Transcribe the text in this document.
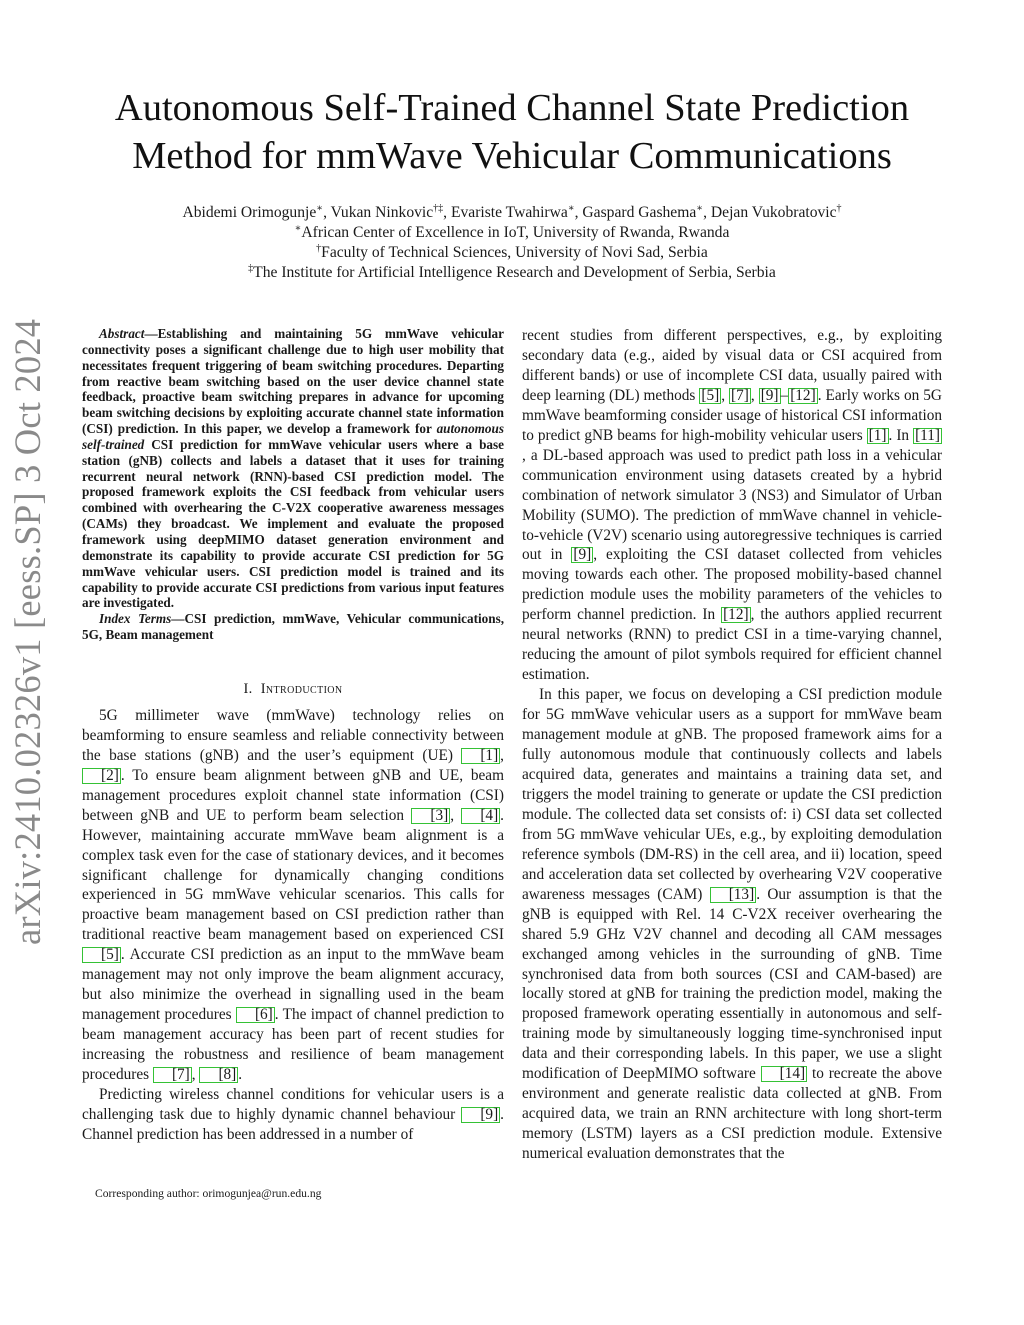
arXiv:2410.02326v1 [eess.SP] 3 Oct 2024
Autonomous Self-Trained Channel State Prediction
Method for mmWave Vehicular Communications
Abidemi Orimogunje∗, Vukan Ninkovic†‡, Evariste Twahirwa∗, Gaspard Gashema∗, Dejan Vukobratovic†
∗African Center of Excellence in IoT, University of Rwanda, Rwanda
†Faculty of Technical Sciences, University of Novi Sad, Serbia
‡The Institute for Artificial Intelligence Research and Development of Serbia, Serbia

Abstract—Establishing and maintaining 5G mmWave vehicular connectivity poses a significant challenge due to high user mobility that necessitates frequent triggering of beam switching procedures. Departing from reactive beam switching based on the user device channel state feedback, proactive beam switching prepares in advance for upcoming beam switching decisions by exploiting accurate channel state information (CSI) prediction. In this paper, we develop a framework for autonomous self-trained CSI prediction for mmWave vehicular users where a base station (gNB) collects and labels a dataset that it uses for training recurrent neural network (RNN)-based CSI prediction model. The proposed framework exploits the CSI feedback from vehicular users combined with overhearing the C-V2X cooperative awareness messages (CAMs) they broadcast. We implement and evaluate the proposed framework using deepMIMO dataset generation environment and demonstrate its capability to provide accurate CSI prediction for 5G mmWave vehicular users. CSI prediction model is trained and its capability to provide accurate CSI predictions from various input features are investigated.

Index Terms—CSI prediction, mmWave, Vehicular communications, 5G, Beam management

I. Introduction

5G millimeter wave (mmWave) technology relies on beamforming to ensure seamless and reliable connectivity between the base stations (gNB) and the user’s equipment (UE) [1] , [2] . To ensure beam alignment between gNB and UE, beam management procedures exploit channel state information (CSI) between gNB and UE to perform beam selection [3] , [4] . However, maintaining accurate mmWave beam alignment is a complex task even for the case of stationary devices, and it becomes significant challenge for dynamically changing conditions experienced in 5G mmWave vehicular scenarios. This calls for proactive beam management based on CSI prediction rather than traditional reactive beam management based on experienced CSI [5] . Accurate CSI prediction as an input to the mmWave beam management may not only improve the beam alignment accuracy, but also minimize the overhead in signalling used in the beam management procedures [6] . The impact of channel prediction to beam management accuracy has been part of recent studies for increasing the robustness and resilience of beam management procedures [7] , [8] .

Predicting wireless channel conditions for vehicular users is a challenging task due to highly dynamic channel behaviour [9] . Channel prediction has been addressed in a number of

recent studies from different perspectives, e.g., by exploiting secondary data (e.g., aided by visual data or CSI acquired from different bands) or use of incomplete CSI data, usually paired with deep learning (DL) methods [5] , [7] , [9] – [12] . Early works on 5G mmWave beamforming consider usage of historical CSI information to predict gNB beams for high-mobility vehicular users [1] . In [11], a DL-based approach was used to predict path loss in a vehicular communication environment using datasets created by a hybrid combination of network simulator 3 (NS3) and Simulator of Urban Mobility (SUMO). The prediction of mmWave channel in vehicle-to-vehicle (V2V) scenario using autoregressive techniques is carried out in [9] , exploiting the CSI dataset collected from vehicles moving towards each other. The proposed mobility-based channel prediction module uses the mobility parameters of the vehicles to perform channel prediction. In [12] , the authors applied recurrent neural networks (RNN) to predict CSI in a time-varying channel, reducing the amount of pilot symbols required for efficient channel estimation.

In this paper, we focus on developing a CSI prediction module for 5G mmWave vehicular users as a support for mmWave beam management module at gNB. The proposed framework aims for a fully autonomous module that continuously collects and labels acquired data, generates and maintains a training data set, and triggers the model training to generate or update the CSI prediction module. The collected data set consists of: i) CSI data set collected from 5G mmWave vehicular UEs, e.g., by exploiting demodulation reference symbols (DM-RS) in the cell area, and ii) location, speed and acceleration data set collected by overhearing V2V cooperative awareness messages (CAM) [13] . Our assumption is that the gNB is equipped with Rel. 14 C-V2X receiver overhearing the shared 5.9 GHz V2V channel and decoding all CAM messages exchanged among vehicles in the surrounding of gNB. Time synchronised data from both sources (CSI and CAM-based) are locally stored at gNB for training the prediction model, making the proposed framework operating essentially in autonomous and self-training mode by simultaneously logging time-synchronised input data and their corresponding labels. In this paper, we use a slight modification of DeepMIMO software [14] to recreate the above environment and generate realistic data collected at gNB. From acquired data, we train an RNN architecture with long short-term memory (LSTM) layers as a CSI prediction module. Extensive numerical evaluation demonstrates that the

Corresponding author: orimogunjea@run.edu.ng
